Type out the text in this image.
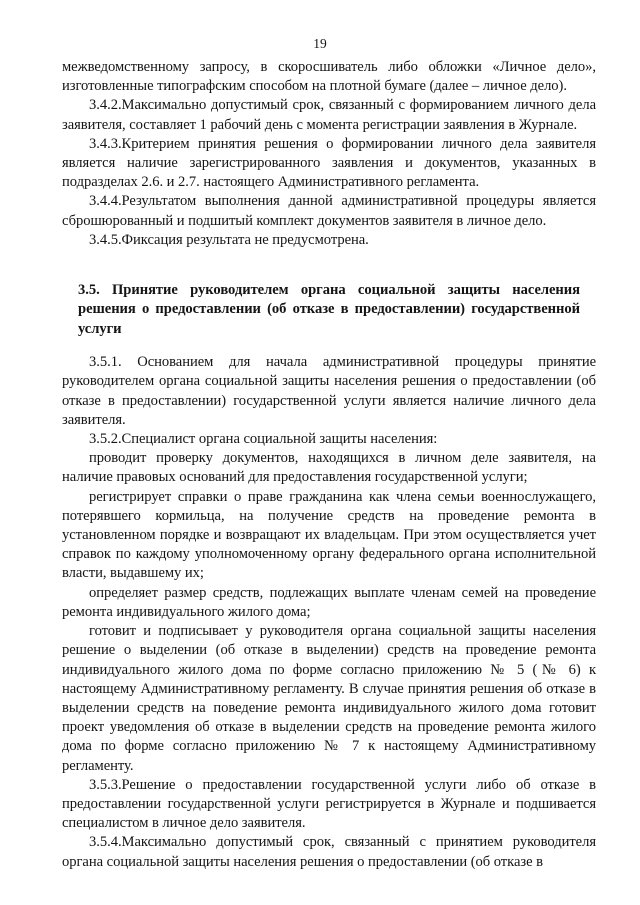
19

межведомственному запросу, в скоросшиватель либо обложки «Личное дело», изготовленные типографским способом на плотной бумаге (далее – личное дело).

3.4.2.Максимально допустимый срок, связанный с формированием личного дела заявителя, составляет 1 рабочий день с момента регистрации заявления в Журнале.

3.4.3.Критерием принятия решения о формировании личного дела заявителя является наличие зарегистрированного заявления и документов, указанных в подразделах 2.6. и 2.7. настоящего Административного регламента.

3.4.4.Результатом выполнения данной административной процедуры является сброшюрованный и подшитый комплект документов заявителя в личное дело.

3.4.5.Фиксация результата не предусмотрена.

3.5. Принятие руководителем органа социальной защиты населения решения о предоставлении (об отказе в предоставлении) государственной услуги

3.5.1. Основанием для начала административной процедуры принятие руководителем органа социальной защиты населения решения о предоставлении (об отказе в предоставлении) государственной услуги является наличие личного дела заявителя.

3.5.2.Специалист органа социальной защиты населения:

проводит проверку документов, находящихся в личном деле заявителя, на наличие правовых оснований для предоставления государственной услуги;

регистрирует справки о праве гражданина как члена семьи военнослужащего, потерявшего кормильца, на получение средств на проведение ремонта в установленном порядке и возвращают их владельцам. При этом осуществляется учет справок по каждому уполномоченному органу федерального органа исполнительной власти, выдавшему их;

определяет размер средств, подлежащих выплате членам семей на проведение ремонта индивидуального жилого дома;

готовит и подписывает у руководителя органа социальной защиты населения решение о выделении (об отказе в выделении) средств на проведение ремонта индивидуального жилого дома по форме согласно приложению № 5 (№ 6) к настоящему Административному регламенту. В случае принятия решения об отказе в выделении средств на поведение ремонта индивидуального жилого дома готовит проект уведомления об отказе в выделении средств на проведение ремонта жилого дома по форме согласно приложению № 7 к настоящему Административному регламенту.

3.5.3.Решение о предоставлении государственной услуги либо об отказе в предоставлении государственной услуги регистрируется в Журнале и подшивается специалистом в личное дело заявителя.

3.5.4.Максимально допустимый срок, связанный с принятием руководителя органа социальной защиты населения решения о предоставлении (об отказе в
